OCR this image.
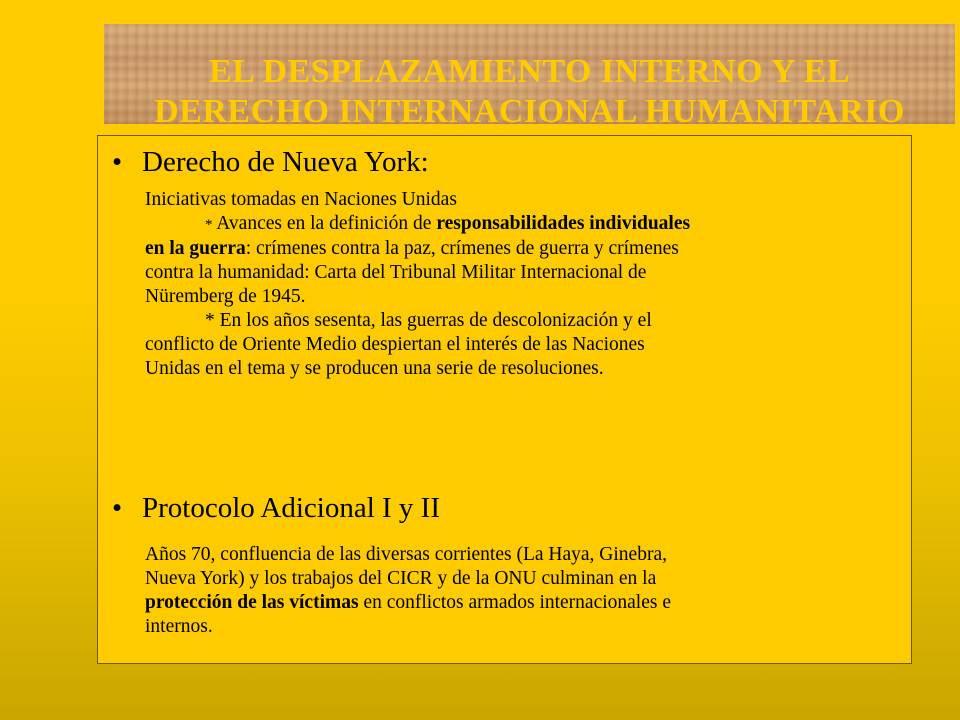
EL DESPLAZAMIENTO INTERNO Y EL
DERECHO INTERNACIONAL HUMANITARIO
• Derecho de Nueva York:
Iniciativas tomadas en Naciones Unidas
* Avances en la definición de responsabilidades individuales
en la guerra: crímenes contra la paz, crímenes de guerra y crímenes
contra la humanidad: Carta del Tribunal Militar Internacional de
Nüremberg de 1945.
* En los años sesenta, las guerras de descolonización y el
conflicto de Oriente Medio despiertan el interés de las Naciones
Unidas en el tema y se producen una serie de resoluciones.
• Protocolo Adicional I y II
Años 70, confluencia de las diversas corrientes (La Haya, Ginebra,
Nueva York) y los trabajos del CICR y de la ONU culminan en la
protección de las víctimas en conflictos armados internacionales e
internos.
